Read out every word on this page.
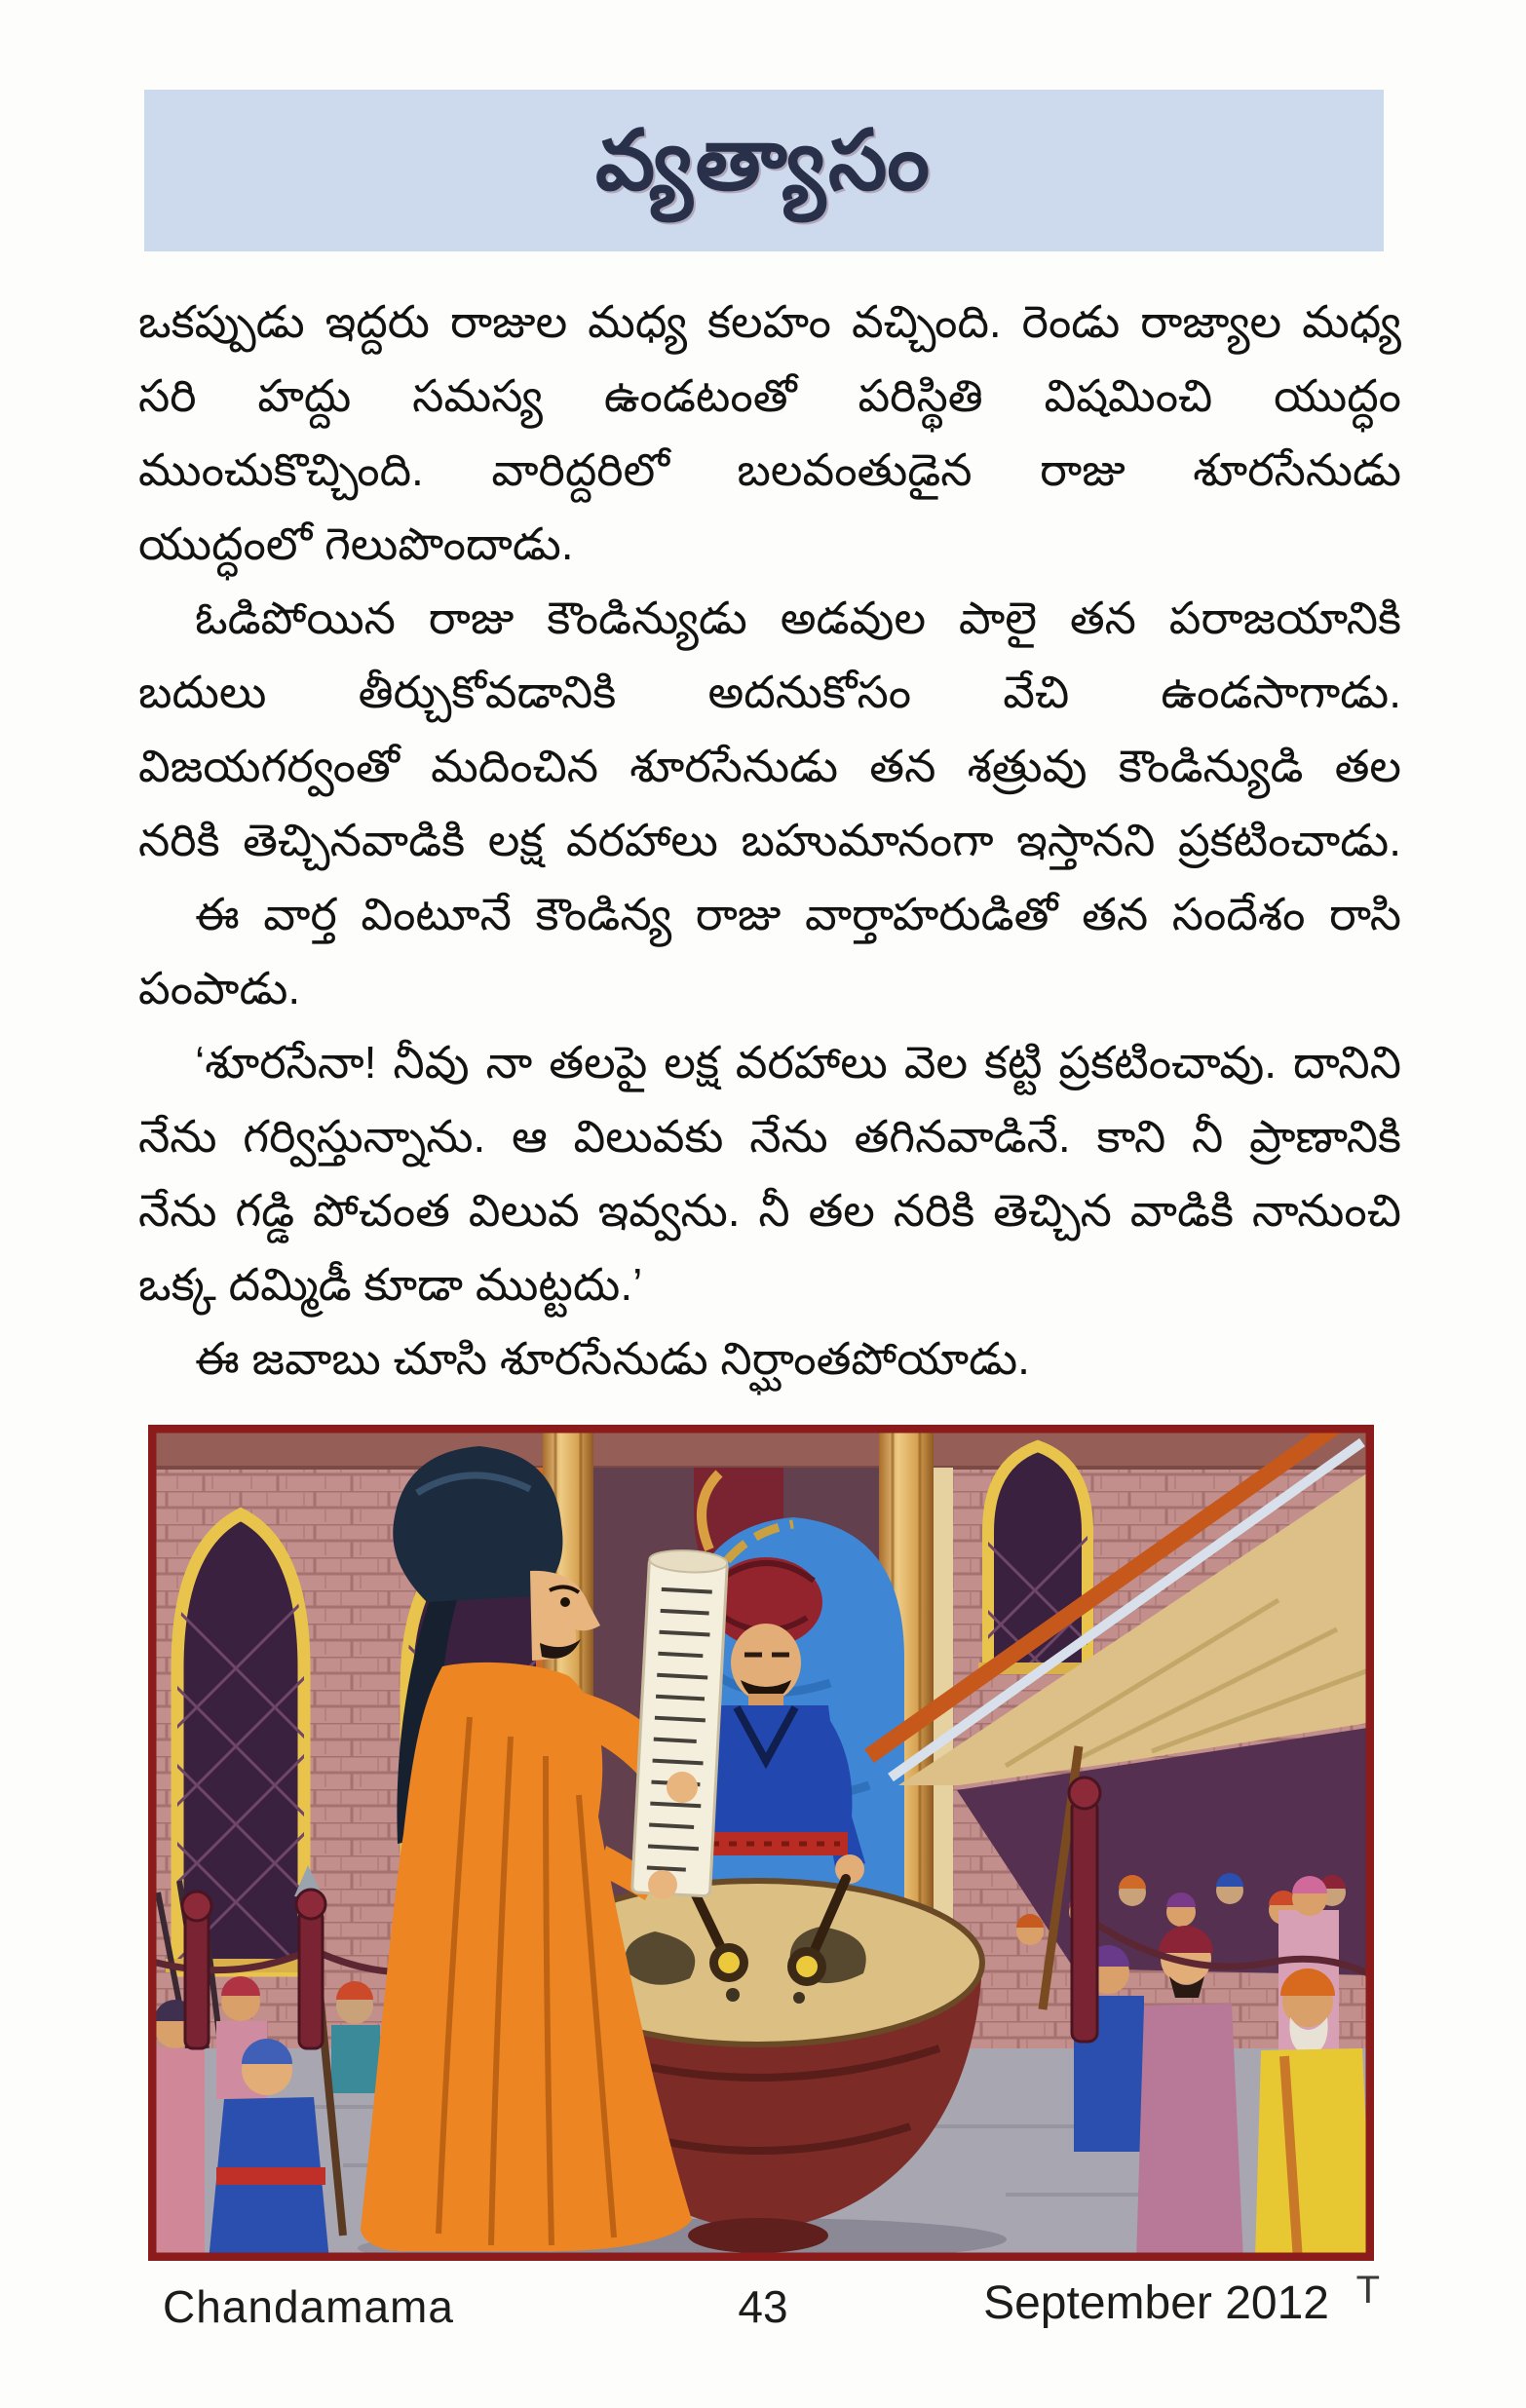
వ్యత్యాసం
ఒకప్పుడు ఇద్దరు రాజుల మధ్య కలహం వచ్చింది. రెండు రాజ్యాల మధ్య
సరి హద్దు సమస్య ఉండటంతో పరిస్థితి విషమించి యుద్ధం
ముంచుకొచ్చింది. వారిద్దరిలో బలవంతుడైన రాజు శూరసేనుడు
యుద్ధంలో గెలుపొందాడు.
ఓడిపోయిన రాజు కౌండిన్యుడు అడవుల పాలై తన పరాజయానికి
బదులు తీర్చుకోవడానికి అదనుకోసం వేచి ఉండసాగాడు.
విజయగర్వంతో మదించిన శూరసేనుడు తన శత్రువు కౌండిన్యుడి తల
నరికి తెచ్చినవాడికి లక్ష వరహాలు బహుమానంగా ఇస్తానని ప్రకటించాడు.
ఈ వార్త వింటూనే కౌండిన్య రాజు వార్తాహరుడితో తన సందేశం రాసి
పంపాడు.
‘శూరసేనా! నీవు నా తలపై లక్ష వరహాలు వెల కట్టి ప్రకటించావు. దానిని
నేను గర్విస్తున్నాను. ఆ విలువకు నేను తగినవాడినే. కాని నీ ప్రాణానికి
నేను గడ్డి పోచంత విలువ ఇవ్వను. నీ తల నరికి తెచ్చిన వాడికి నానుంచి
ఒక్క దమ్మిడీ కూడా ముట్టదు.’
ఈ జవాబు చూసి శూరసేనుడు నిర్ఘాంతపోయాడు.
Chandamama	43	September 2012 T
